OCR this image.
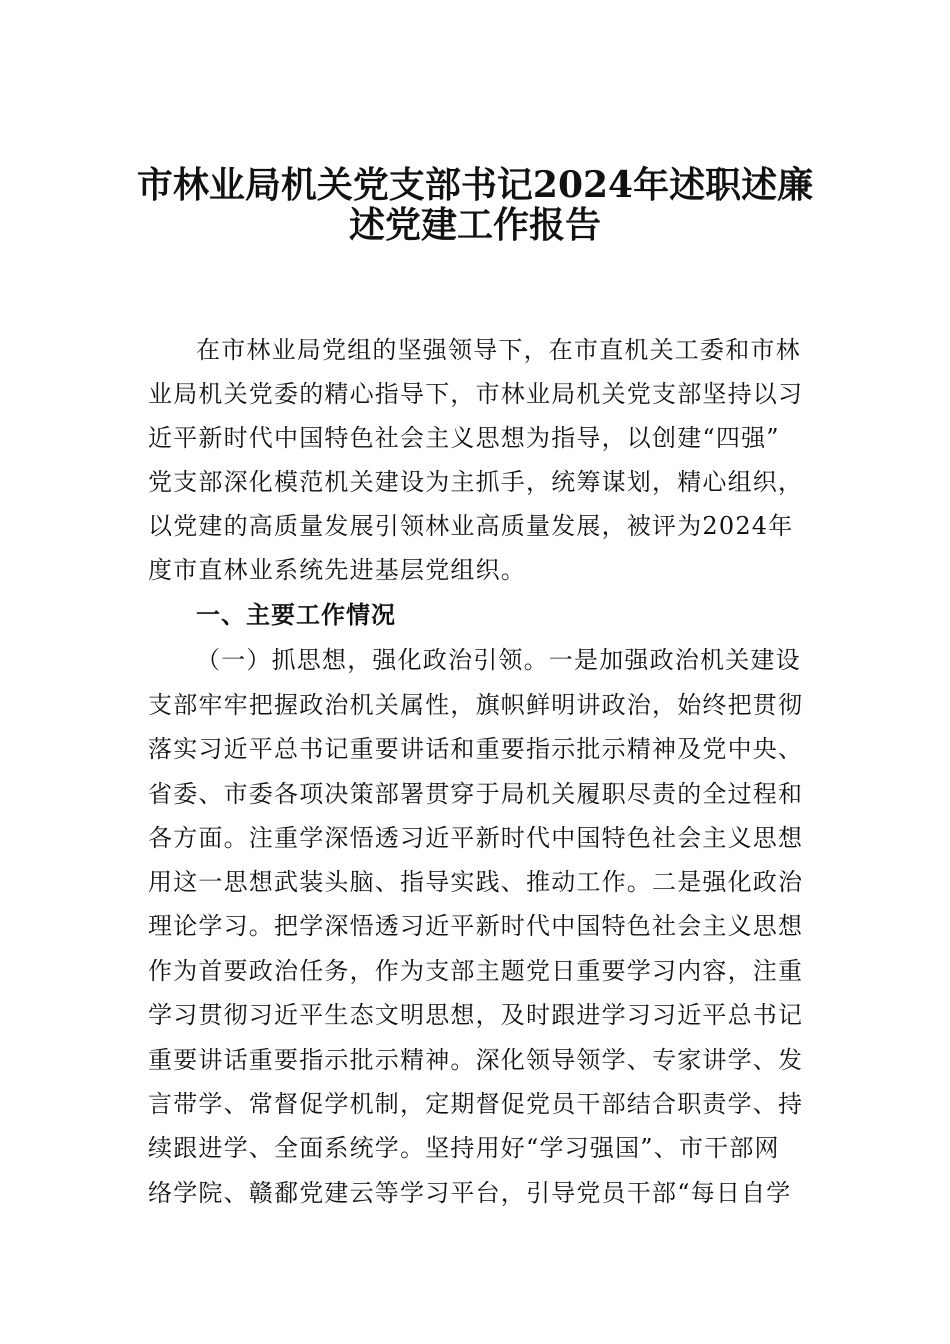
市林业局机关党支部书记2024年述职述廉
述党建工作报告
在市林业局党组的坚强领导下，在市直机关工委和市林
业局机关党委的精心指导下，市林业局机关党支部坚持以习
近平新时代中国特色社会主义思想为指导，以创建“四强”
党支部深化模范机关建设为主抓手，统筹谋划，精心组织，
以党建的高质量发展引领林业高质量发展，被评为2024年
度市直林业系统先进基层党组织。
一、主要工作情况
（一）抓思想，强化政治引领。一是加强政治机关建设
支部牢牢把握政治机关属性，旗帜鲜明讲政治，始终把贯彻
落实习近平总书记重要讲话和重要指示批示精神及党中央、
省委、市委各项决策部署贯穿于局机关履职尽责的全过程和
各方面。注重学深悟透习近平新时代中国特色社会主义思想
用这一思想武装头脑、指导实践、推动工作。二是强化政治
理论学习。把学深悟透习近平新时代中国特色社会主义思想
作为首要政治任务，作为支部主题党日重要学习内容，注重
学习贯彻习近平生态文明思想，及时跟进学习习近平总书记
重要讲话重要指示批示精神。深化领导领学、专家讲学、发
言带学、常督促学机制，定期督促党员干部结合职责学、持
续跟进学、全面系统学。坚持用好“学习强国”、市干部网
络学院、赣鄱党建云等学习平台，引导党员干部“每日自学
